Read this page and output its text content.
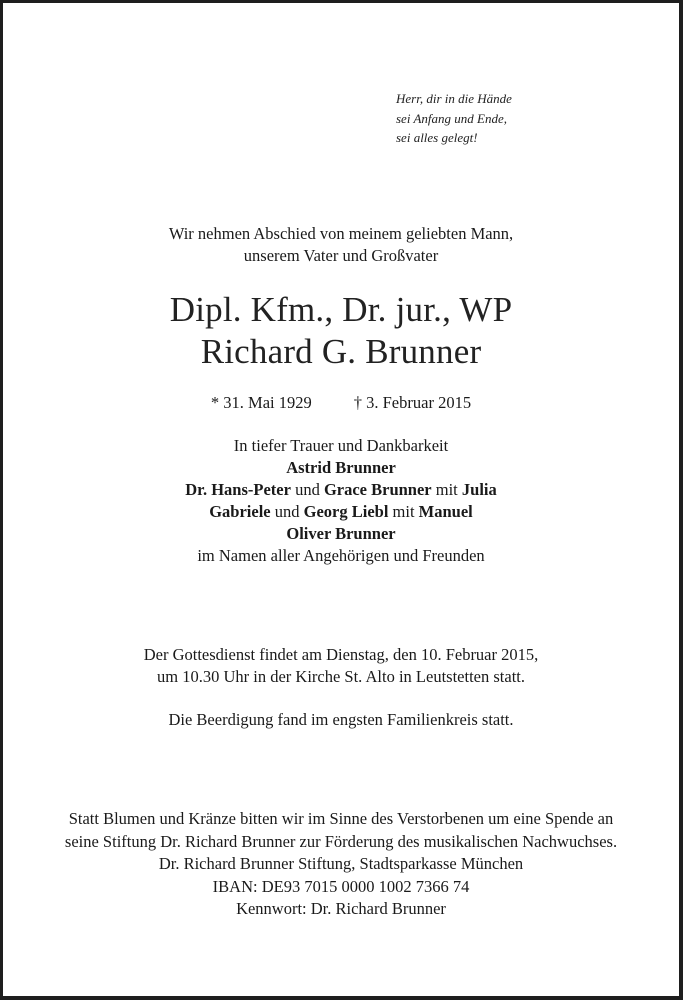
Herr, dir in die Hände
sei Anfang und Ende,
sei alles gelegt!
Wir nehmen Abschied von meinem geliebten Mann,
unserem Vater und Großvater
Dipl. Kfm., Dr. jur., WP
Richard G. Brunner
* 31. Mai 1929	† 3. Februar 2015
In tiefer Trauer und Dankbarkeit
Astrid Brunner
Dr. Hans-Peter und Grace Brunner mit Julia
Gabriele und Georg Liebl mit Manuel
Oliver Brunner
im Namen aller Angehörigen und Freunden
Der Gottesdienst findet am Dienstag, den 10. Februar 2015,
um 10.30 Uhr in der Kirche St. Alto in Leutstetten statt.
Die Beerdigung fand im engsten Familienkreis statt.
Statt Blumen und Kränze bitten wir im Sinne des Verstorbenen um eine Spende an
seine Stiftung Dr. Richard Brunner zur Förderung des musikalischen Nachwuchses.
Dr. Richard Brunner Stiftung, Stadtsparkasse München
IBAN: DE93 7015 0000 1002 7366 74
Kennwort: Dr. Richard Brunner
